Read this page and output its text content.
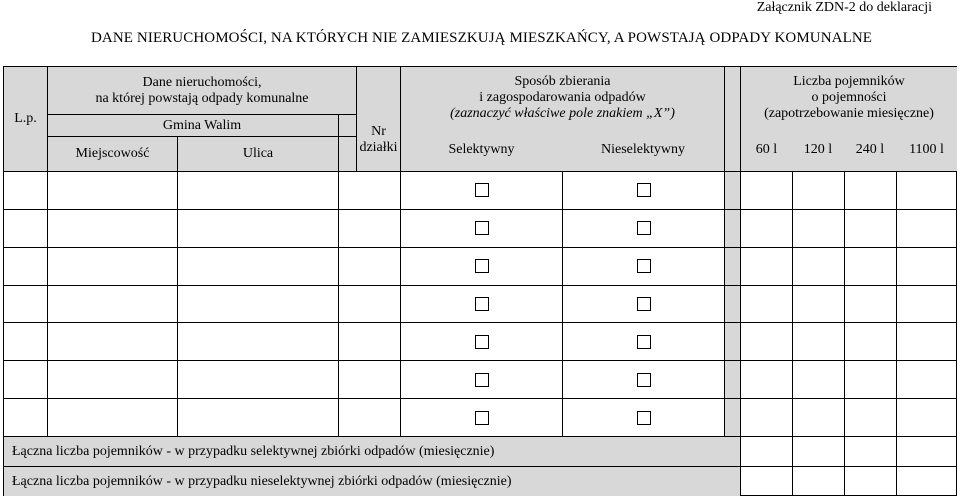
Załącznik ZDN-2 do deklaracji
DANE NIERUCHOMOŚCI, NA KTÓRYCH NIE ZAMIESZKUJĄ MIESZKAŃCY, A POWSTAJĄ ODPADY KOMUNALNE
L.p.
Dane nieruchomości,
na której powstają odpady komunalne
Gmina Walim
Miejscowość	Ulica
Nr
działki
Sposób zbierania
i zagospodarowania odpadów
(zaznaczyć właściwe pole znakiem „X”)
Selektywny	Nieselektywny
Liczba pojemników
o pojemności
(zapotrzebowanie miesięczne)
60 l 120 l 240 l 1100 l
Łączna liczba pojemników - w przypadku selektywnej zbiórki odpadów (miesięcznie)
Łączna liczba pojemników - w przypadku nieselektywnej zbiórki odpadów (miesięcznie)
